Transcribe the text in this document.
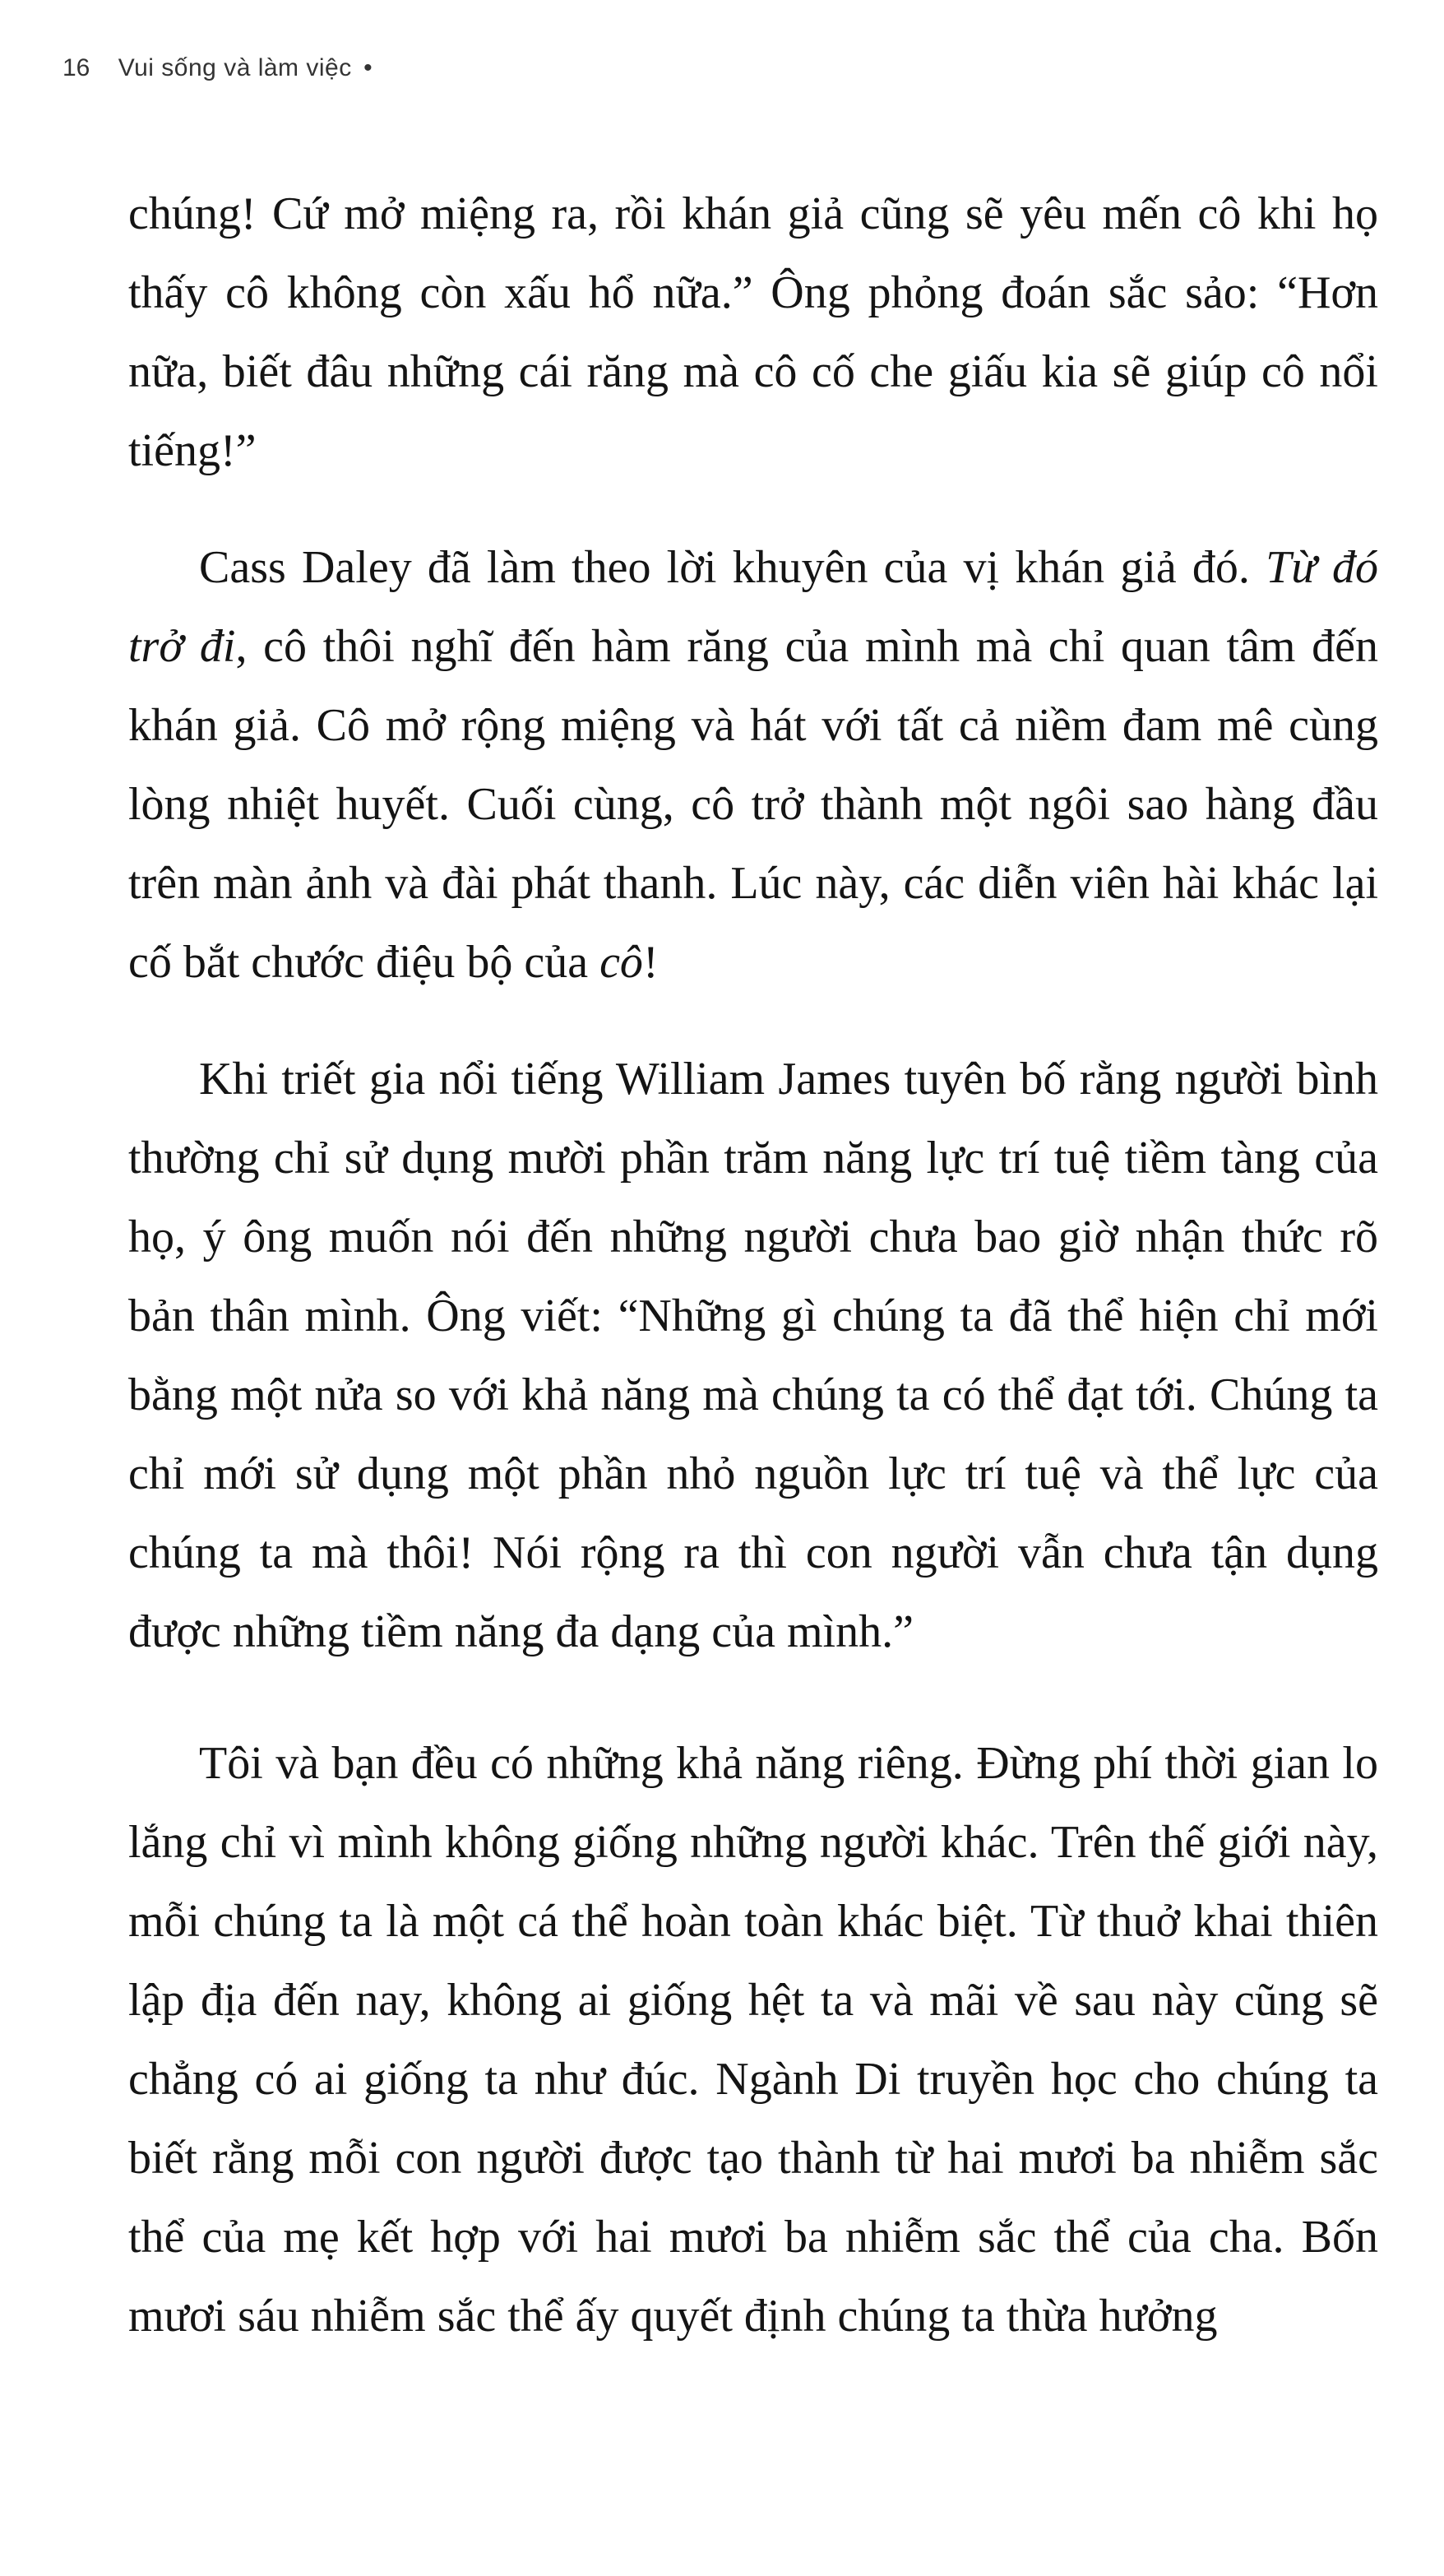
16 Vui sống và làm việc •

chúng! Cứ mở miệng ra, rồi khán giả cũng sẽ yêu mến cô khi họ thấy cô không còn xấu hổ nữa.” Ông phỏng đoán sắc sảo: “Hơn nữa, biết đâu những cái răng mà cô cố che giấu kia sẽ giúp cô nổi tiếng!”

Cass Daley đã làm theo lời khuyên của vị khán giả đó. Từ đó trở đi, cô thôi nghĩ đến hàm răng của mình mà chỉ quan tâm đến khán giả. Cô mở rộng miệng và hát với tất cả niềm đam mê cùng lòng nhiệt huyết. Cuối cùng, cô trở thành một ngôi sao hàng đầu trên màn ảnh và đài phát thanh. Lúc này, các diễn viên hài khác lại cố bắt chước điệu bộ của cô!

Khi triết gia nổi tiếng William James tuyên bố rằng người bình thường chỉ sử dụng mười phần trăm năng lực trí tuệ tiềm tàng của họ, ý ông muốn nói đến những người chưa bao giờ nhận thức rõ bản thân mình. Ông viết: “Những gì chúng ta đã thể hiện chỉ mới bằng một nửa so với khả năng mà chúng ta có thể đạt tới. Chúng ta chỉ mới sử dụng một phần nhỏ nguồn lực trí tuệ và thể lực của chúng ta mà thôi! Nói rộng ra thì con người vẫn chưa tận dụng được những tiềm năng đa dạng của mình.”

Tôi và bạn đều có những khả năng riêng. Đừng phí thời gian lo lắng chỉ vì mình không giống những người khác. Trên thế giới này, mỗi chúng ta là một cá thể hoàn toàn khác biệt. Từ thuở khai thiên lập địa đến nay, không ai giống hệt ta và mãi về sau này cũng sẽ chẳng có ai giống ta như đúc. Ngành Di truyền học cho chúng ta biết rằng mỗi con người được tạo thành từ hai mươi ba nhiễm sắc thể của mẹ kết hợp với hai mươi ba nhiễm sắc thể của cha. Bốn mươi sáu nhiễm sắc thể ấy quyết định chúng ta thừa hưởng
